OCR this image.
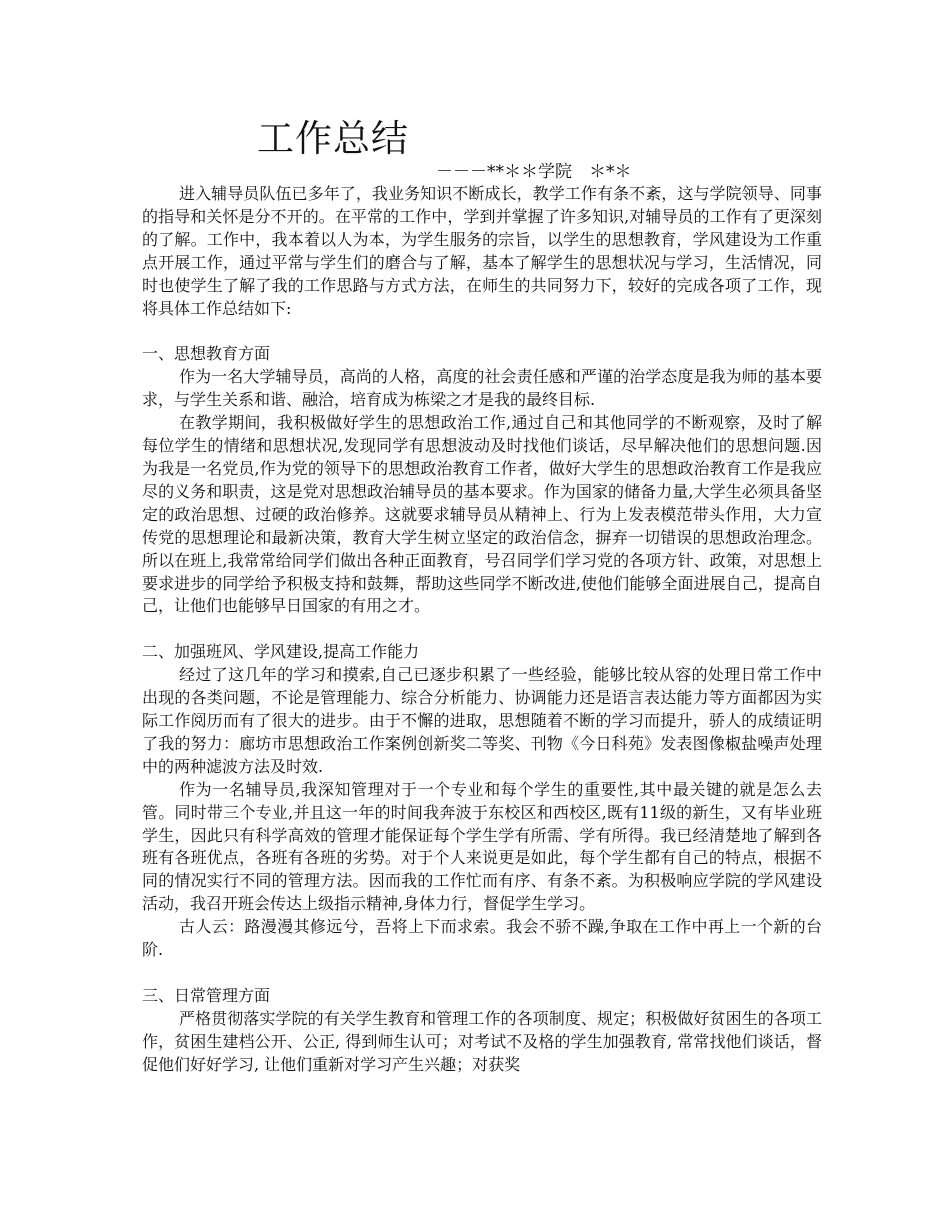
工作总结
－－－**＊＊学院　＊*＊

进入辅导员队伍已多年了，我业务知识不断成长，教学工作有条不紊，这与学院领导、同事的指导和关怀是分不开的。在平常的工作中，学到并掌握了许多知识,对辅导员的工作有了更深刻的了解。工作中，我本着以人为本，为学生服务的宗旨，以学生的思想教育，学风建设为工作重点开展工作，通过平常与学生们的磨合与了解，基本了解学生的思想状况与学习，生活情况，同时也使学生了解了我的工作思路与方式方法，在师生的共同努力下，较好的完成各项了工作，现将具体工作总结如下:

一、思想教育方面

作为一名大学辅导员，高尚的人格，高度的社会责任感和严谨的治学态度是我为师的基本要求，与学生关系和谐、融洽，培育成为栋梁之才是我的最终目标.

在教学期间，我积极做好学生的思想政治工作,通过自己和其他同学的不断观察，及时了解每位学生的情绪和思想状况,发现同学有思想波动及时找他们谈话，尽早解决他们的思想问题.因为我是一名党员,作为党的领导下的思想政治教育工作者，做好大学生的思想政治教育工作是我应尽的义务和职责，这是党对思想政治辅导员的基本要求。作为国家的储备力量,大学生必须具备坚定的政治思想、过硬的政治修养。这就要求辅导员从精神上、行为上发表模范带头作用，大力宣传党的思想理论和最新决策，教育大学生树立坚定的政治信念，摒弃一切错误的思想政治理念。所以在班上,我常常给同学们做出各种正面教育，号召同学们学习党的各项方针、政策，对思想上要求进步的同学给予积极支持和鼓舞，帮助这些同学不断改进,使他们能够全面进展自己，提高自己，让他们也能够早日国家的有用之才。

二、加强班风、学风建设,提高工作能力

经过了这几年的学习和摸索,自己已逐步积累了一些经验，能够比较从容的处理日常工作中出现的各类问题，不论是管理能力、综合分析能力、协调能力还是语言表达能力等方面都因为实际工作阅历而有了很大的进步。由于不懈的进取，思想随着不断的学习而提升，骄人的成绩证明了我的努力：廊坊市思想政治工作案例创新奖二等奖、刊物《今日科苑》发表图像椒盐噪声处理中的两种滤波方法及时效.

作为一名辅导员,我深知管理对于一个专业和每个学生的重要性,其中最关键的就是怎么去管。同时带三个专业,并且这一年的时间我奔波于东校区和西校区,既有11级的新生，又有毕业班学生，因此只有科学高效的管理才能保证每个学生学有所需、学有所得。我已经清楚地了解到各班有各班优点，各班有各班的劣势。对于个人来说更是如此，每个学生都有自己的特点，根据不同的情况实行不同的管理方法。因而我的工作忙而有序、有条不紊。为积极响应学院的学风建设活动，我召开班会传达上级指示精神,身体力行，督促学生学习。

古人云：路漫漫其修远兮，吾将上下而求索。我会不骄不躁,争取在工作中再上一个新的台阶.

三、日常管理方面

严格贯彻落实学院的有关学生教育和管理工作的各项制度、规定；积极做好贫困生的各项工作，贫困生建档公开、公正, 得到师生认可；对考试不及格的学生加强教育, 常常找他们谈话，督促他们好好学习, 让他们重新对学习产生兴趣；对获奖
